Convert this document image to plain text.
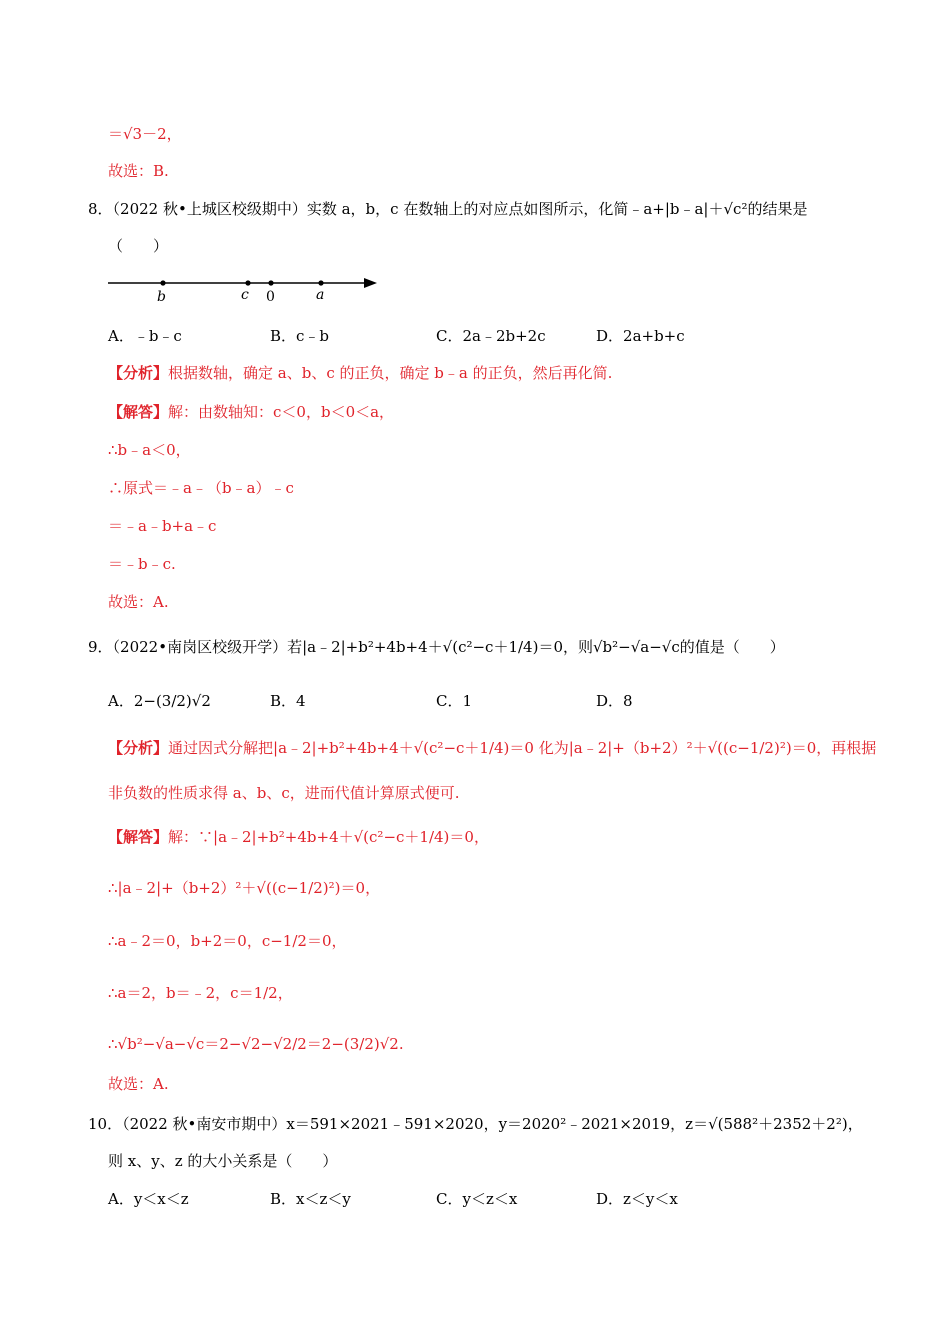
＝√3－2，
故选：B.
8．（2022 秋•上城区校级期中）实数 a，b，c 在数轴上的对应点如图所示，化简﹣a+|b﹣a|＋√c²的结果是
（　　）
b	c 0	a
A．﹣b﹣c	B．c﹣b	C．2a﹣2b+2c	D．2a+b+c
【分析】根据数轴，确定 a、b、c 的正负，确定 b﹣a 的正负，然后再化简.
【解答】解：由数轴知：c＜0，b＜0＜a，
∴b﹣a＜0，
∴原式＝﹣a﹣（b﹣a）﹣c
＝﹣a﹣b+a﹣c
＝﹣b﹣c.
故选：A.
9．（2022•南岗区校级开学）若|a﹣2|+b²+4b+4＋√(c²−c＋1/4)＝0，则√b²−√a−√c的值是（　　）
A．2−(3/2)√2	B．4	C．1	D．8
【分析】通过因式分解把|a﹣2|+b²+4b+4＋√(c²−c＋1/4)＝0 化为|a﹣2|+（b+2）²＋√((c−1/2)²)＝0，再根据
非负数的性质求得 a、b、c，进而代值计算原式便可.
【解答】解：∵|a﹣2|+b²+4b+4＋√(c²−c＋1/4)＝0，
∴|a﹣2|+（b+2）²＋√((c−1/2)²)＝0，
∴a﹣2＝0，b+2＝0，c−1/2＝0，
∴a＝2，b＝﹣2，c＝1/2，
∴√b²−√a−√c＝2−√2−√2/2＝2−(3/2)√2.
故选：A.
10．（2022 秋•南安市期中）x＝591×2021﹣591×2020，y＝2020²﹣2021×2019，z＝√(588²＋2352＋2²)，
则 x、y、z 的大小关系是（　　）
A．y＜x＜z	B．x＜z＜y	C．y＜z＜x	D．z＜y＜x
